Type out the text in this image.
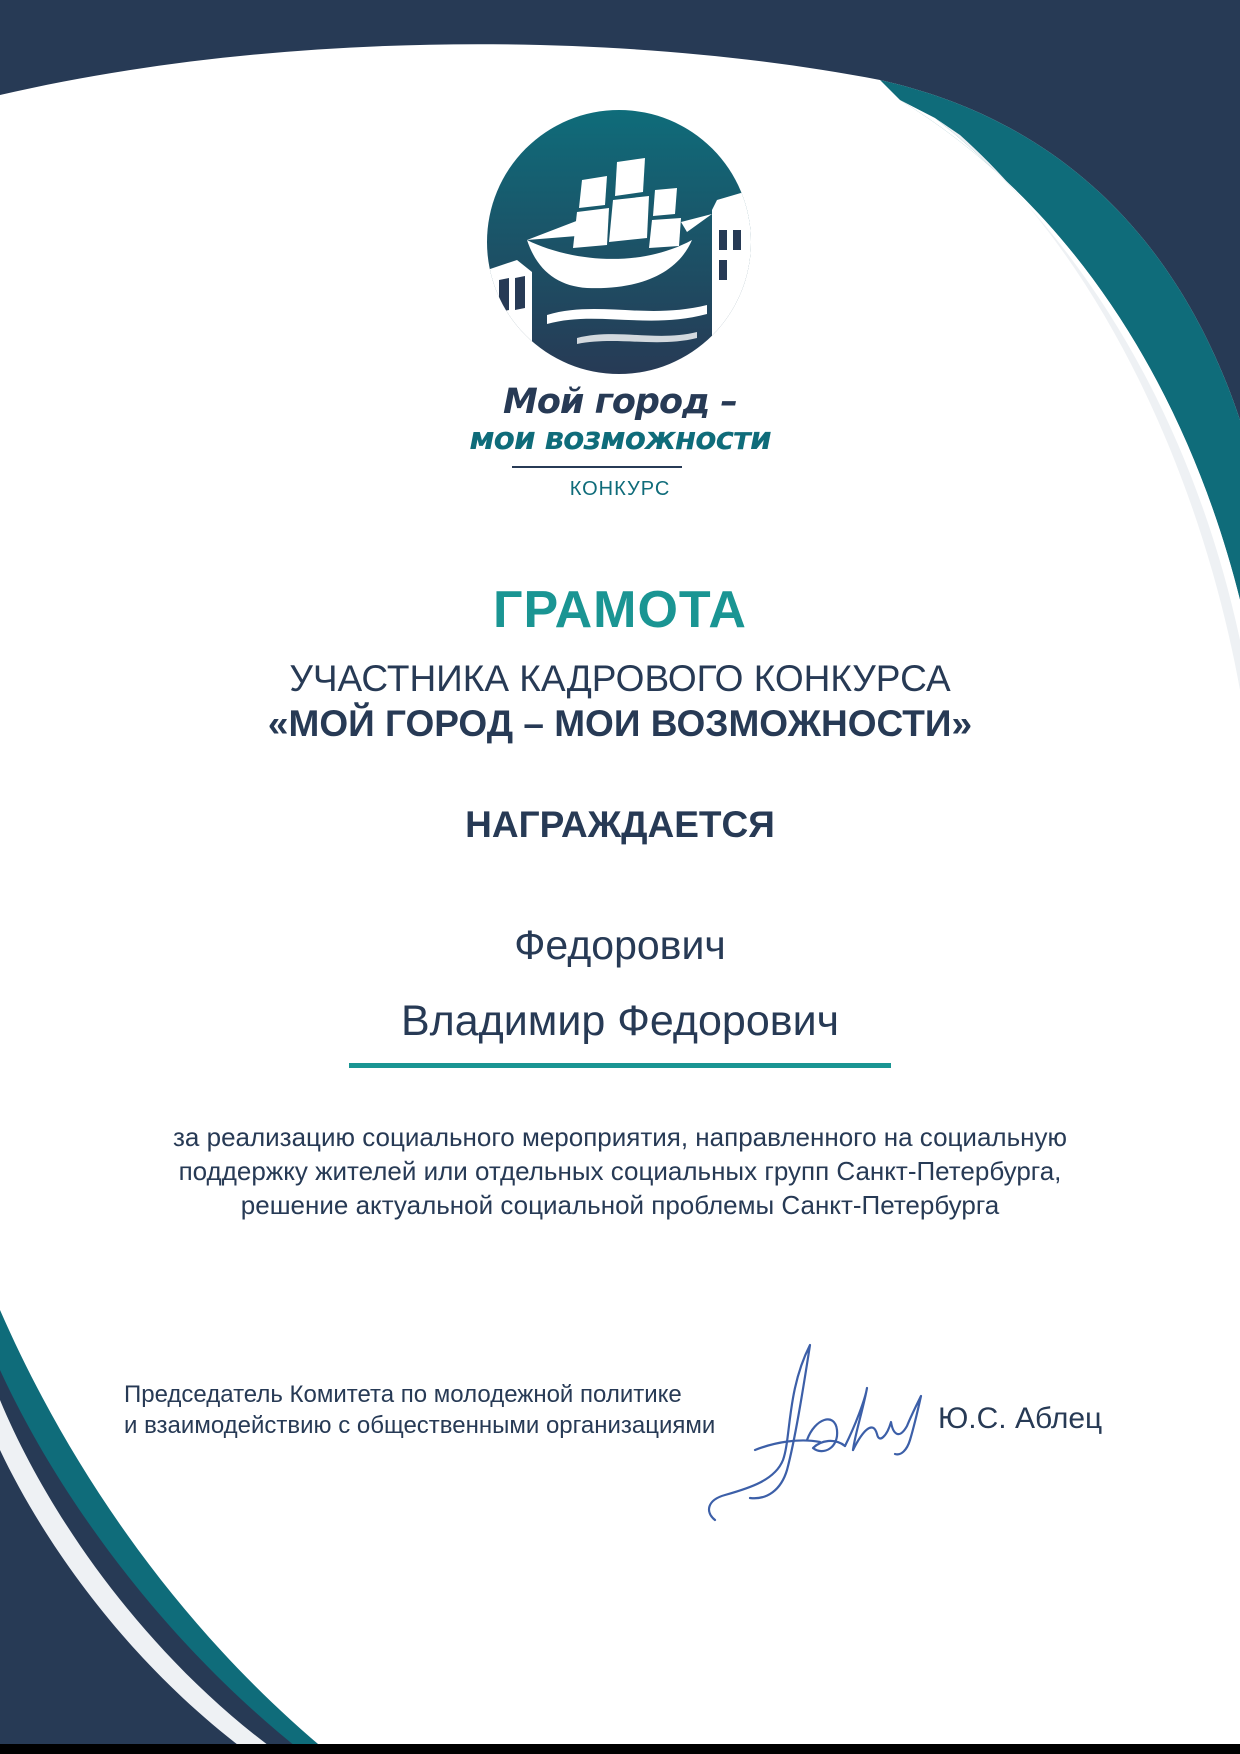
Мой город –
мои возможности
КОНКУРС
ГРАМОТА
УЧАСТНИКА КАДРОВОГО КОНКУРСА
«МОЙ ГОРОД – МОИ ВОЗМОЖНОСТИ»
НАГРАЖДАЕТСЯ
Федорович
Владимир Федорович
за реализацию социального мероприятия, направленного на социальную
поддержку жителей или отдельных социальных групп Санкт-Петербурга,
решение актуальной социальной проблемы Санкт-Петербурга
Председатель Комитета по молодежной политике
и взаимодействию с общественными организациями	Ю.С. Аблец
